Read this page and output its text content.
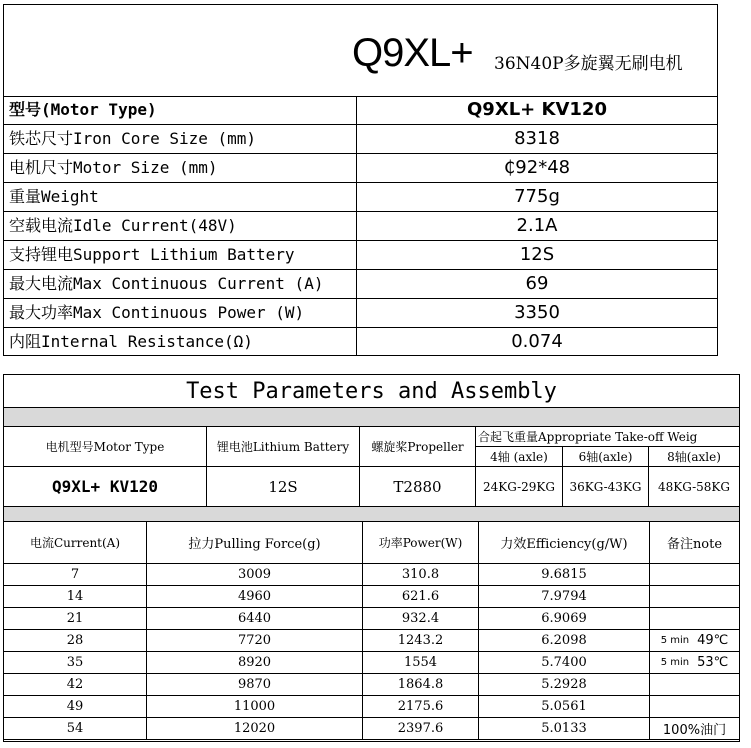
Q9XL+ 36N40P多旋翼无刷电机
型号(Motor Type)	Q9XL+ KV120
铁芯尺寸Iron Core Size (mm)	8318
电机尺寸Motor Size (mm)	₵92*48
重量Weight	775g
空载电流Idle Current(48V)	2.1A
支持锂电Support Lithium Battery	12S
最大电流Max Continuous Current (A)	69
最大功率Max Continuous Power (W)	3350
内阻Internal Resistance(Ω)	0.074
Test Parameters and Assembly
电机型号Motor Type	锂电池Lithium Battery	螺旋桨Propeller
合起飞重量Appropriate Take-off Weig
4轴 (axle)	6轴(axle)	8轴(axle)
Q9XL+ KV120	12S	T2880	24KG-29KG	36KG-43KG	48KG-58KG
电流Current(A)	拉力Pulling Force(g)	功率Power(W)	力效Efficiency(g/W)	备注note
7	3009	310.8	9.6815
14	4960	621.6	7.9794
21	6440	932.4	6.9069
28	7720	1243.2	6.2098	5 min 49℃
35	8920	1554	5.7400	5 min 53℃
42	9870	1864.8	5.2928
49	11000	2175.6	5.0561
54	12020	2397.6	5.0133	100%油门
